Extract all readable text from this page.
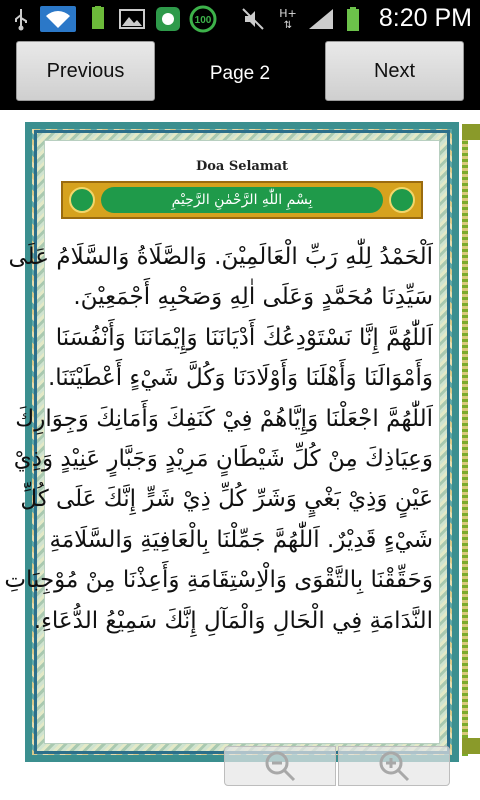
100
H+
⇅	8:20 PM
Previous	Page 2	Next
Doa Selamat
بِسْمِ اللّٰهِ الرَّحْمٰنِ الرَّحِيْمِ
اَلْحَمْدُ لِلّٰهِ رَبِّ الْعَالَمِيْنَ. وَالصَّلَاةُ وَالسَّلَامُ عَلَى
سَيِّدِنَا مُحَمَّدٍ وَعَلَى اٰلِهِ وَصَحْبِهِ أَجْمَعِيْنَ.
اَللّٰهُمَّ إِنَّا نَسْتَوْدِعُكَ أَدْيَانَنَا وَإِيْمَانَنَا وَأَنْفُسَنَا
وَأَمْوَالَنَا وَأَهْلَنَا وَأَوْلَادَنَا وَكُلَّ شَيْءٍ أَعْطَيْتَنَا.
اَللّٰهُمَّ اجْعَلْنَا وَإِيَّاهُمْ فِيْ كَنَفِكَ وَأَمَانِكَ وَجِوَارِكَ
وَعِيَاذِكَ مِنْ كُلِّ شَيْطَانٍ مَرِيْدٍ وَجَبَّارٍ عَنِيْدٍ وَذِيْ
عَيْنٍ وَذِيْ بَغْيٍ وَشَرِّ كُلِّ ذِيْ شَرٍّ إِنَّكَ عَلَى كُلِّ
شَيْءٍ قَدِيْرٌ. اَللّٰهُمَّ جَمِّلْنَا بِالْعَافِيَةِ وَالسَّلَامَةِ
وَحَقِّقْنَا بِالتَّقْوَى وَالْاِسْتِقَامَةِ وَأَعِذْنَا مِنْ مُوْجِبَاتِ
النَّدَامَةِ فِي الْحَالِ وَالْمَآلِ إِنَّكَ سَمِيْعُ الدُّعَاءِ.
